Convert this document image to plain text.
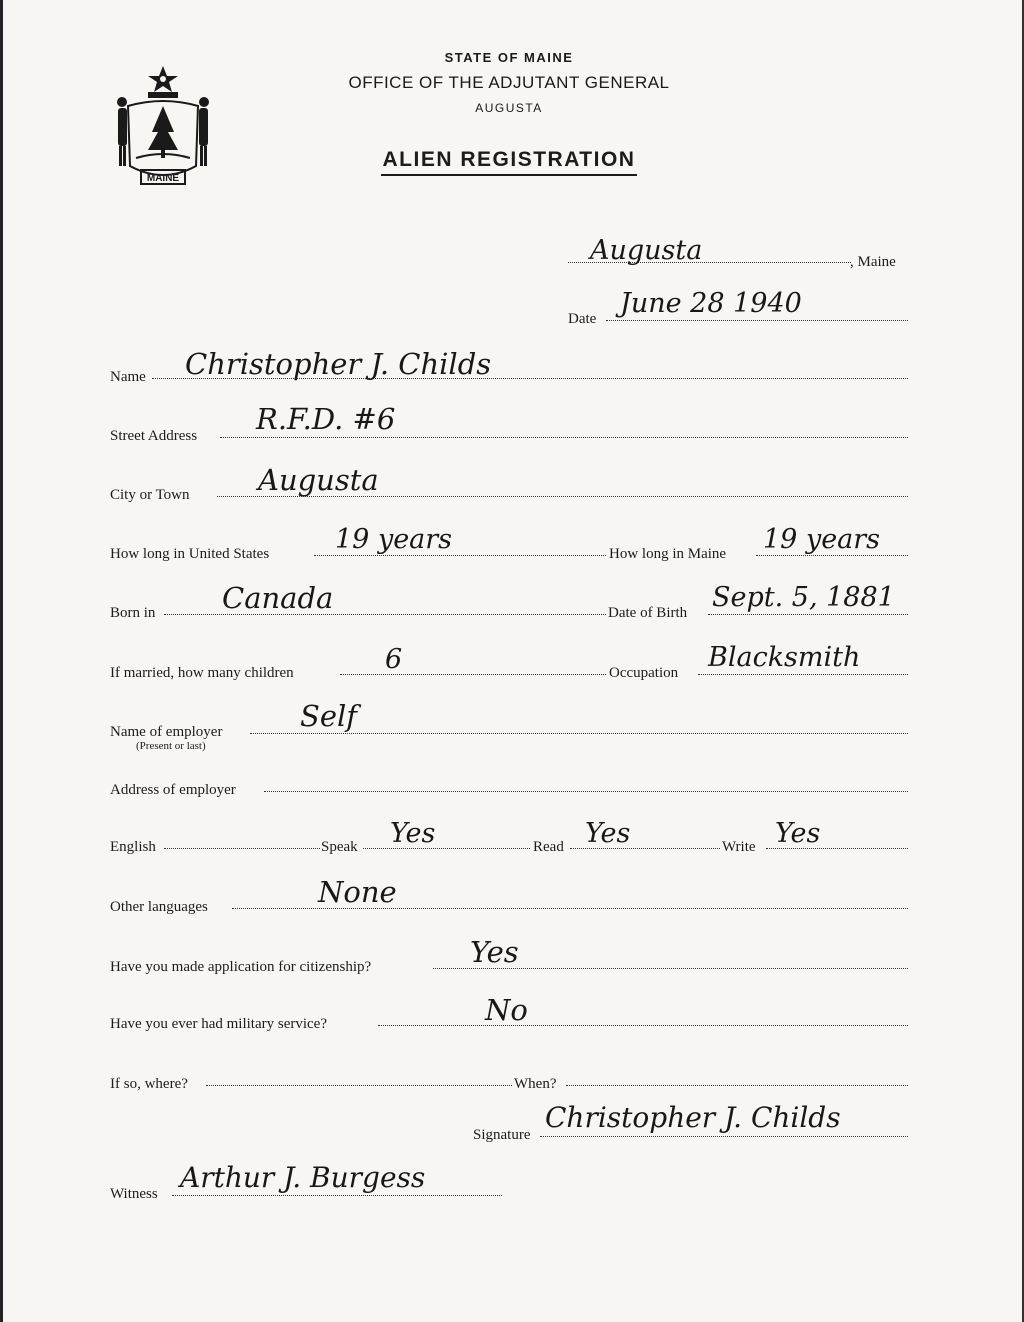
MAINE
STATE OF MAINE
OFFICE OF THE ADJUTANT GENERAL
AUGUSTA
ALIEN REGISTRATION
Augusta	, Maine
Date June 28 1940
Name Christopher J. Childs
Street Address R.F.D. #6
City or Town Augusta
How long in United States 19 years	How long in Maine 19 years
Born in Canada	Date of Birth Sept. 5, 1881
If married, how many children	6	Occupation Blacksmith
Name of employer
(Present or last)
Self
Address of employer
English	Speak Yes	Read Yes	Write Yes
Other languages	None
Have you made application for citizenship?	Yes
Have you ever had military service?	No
If so, where?	When?
Signature
Christopher J. Childs
Witness Arthur J. Burgess
